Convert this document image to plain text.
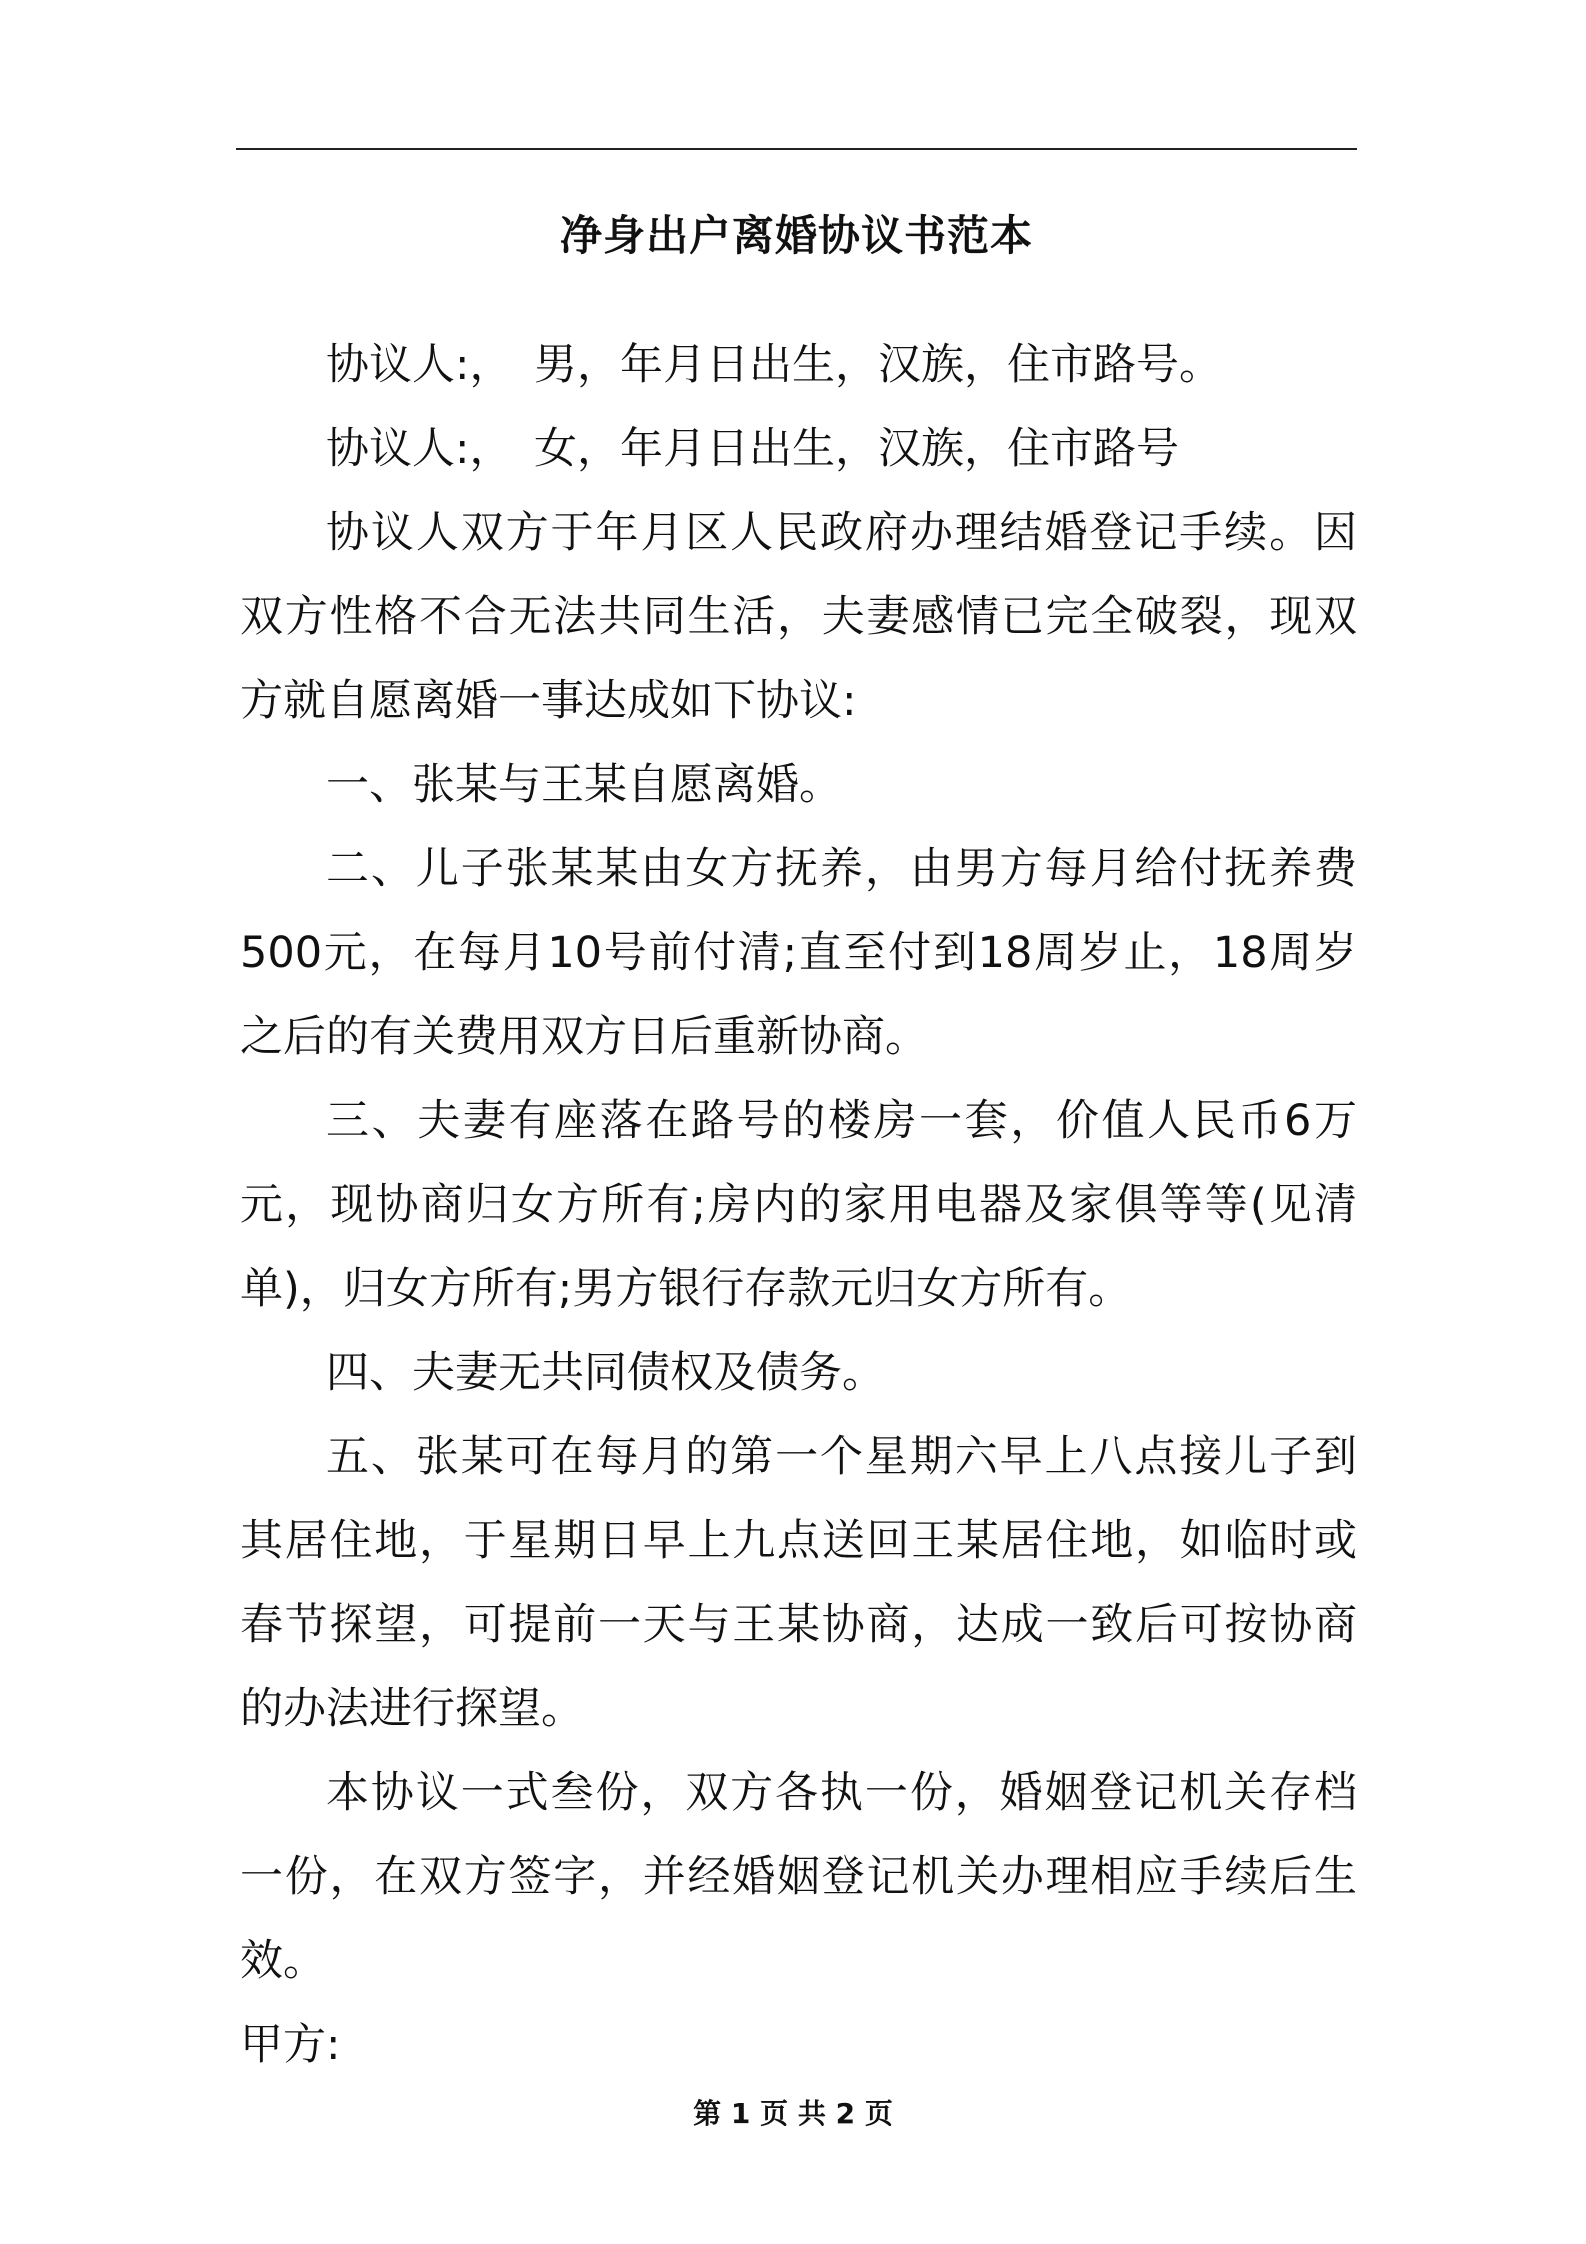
净身出户离婚协议书范本

协议人:，　男，年月日出生，汉族，住市路号。

协议人:，　女，年月日出生，汉族，住市路号

协议人双方于年月区人民政府办理结婚登记手续。因双方性格不合无法共同生活，夫妻感情已完全破裂，现双方就自愿离婚一事达成如下协议:

一、张某与王某自愿离婚。

二、儿子张某某由女方抚养，由男方每月给付抚养费500元，在每月10号前付清;直至付到18周岁止，18周岁之后的有关费用双方日后重新协商。

三、夫妻有座落在路号的楼房一套，价值人民币6万元，现协商归女方所有;房内的家用电器及家俱等等(见清单)，归女方所有;男方银行存款元归女方所有。

四、夫妻无共同债权及债务。

五、张某可在每月的第一个星期六早上八点接儿子到其居住地，于星期日早上九点送回王某居住地，如临时或春节探望，可提前一天与王某协商，达成一致后可按协商的办法进行探望。

本协议一式叁份，双方各执一份，婚姻登记机关存档一份，在双方签字，并经婚姻登记机关办理相应手续后生效。

甲方:

第 1 页 共 2 页
